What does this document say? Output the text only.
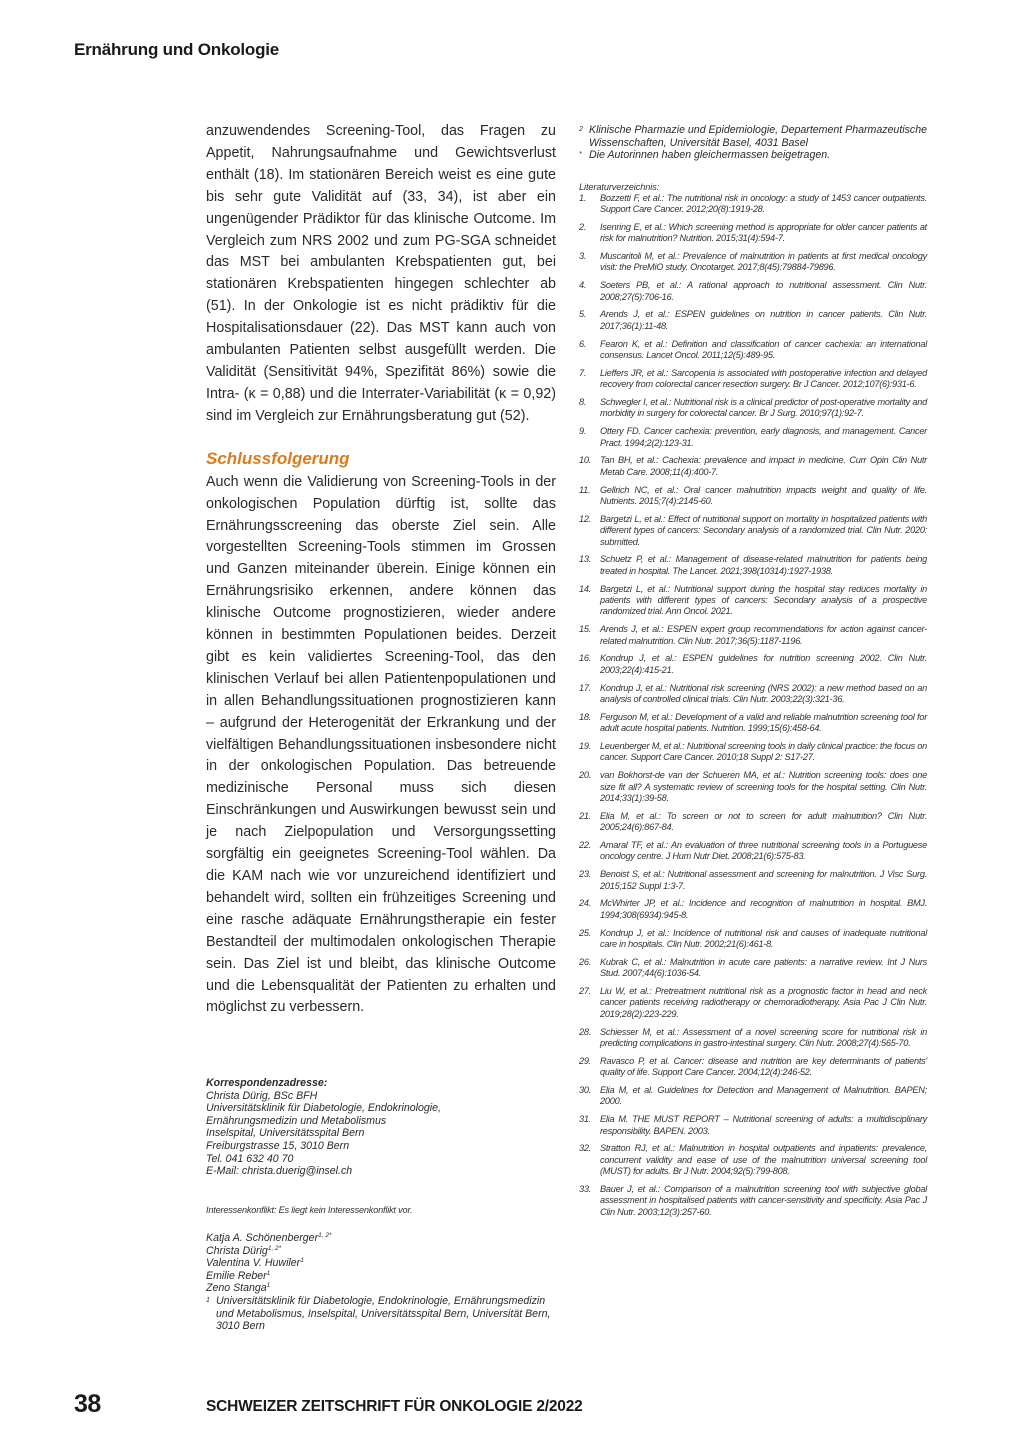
Ernährung und Onkologie

anzuwendendes Screening-Tool, das Fragen zu Appetit, Nahrungsaufnahme und Gewichtsverlust enthält (18). Im stationären Bereich weist es eine gute bis sehr gute Validität auf (33, 34), ist aber ein ungenügender Prädiktor für das klinische Outcome. Im Vergleich zum NRS 2002 und zum PG-SGA schneidet das MST bei ambulanten Krebspatienten gut, bei stationären Krebspatienten hingegen schlechter ab (51). In der Onkologie ist es nicht prädiktiv für die Hospitalisationsdauer (22). Das MST kann auch von ambulanten Patienten selbst ausgefüllt werden. Die Validität (Sensitivität 94%, Spezifität 86%) sowie die Intra- (κ = 0,88) und die Interrater-Variabilität (κ = 0,92) sind im Vergleich zur Ernährungsberatung gut (52).

Schlussfolgerung

Auch wenn die Validierung von Screening-Tools in der onkologischen Population dürftig ist, sollte das Ernährungsscreening das oberste Ziel sein. Alle vorgestellten Screening-Tools stimmen im Grossen und Ganzen miteinander überein. Einige können ein Ernährungsrisiko erkennen, andere können das klinische Outcome prognostizieren, wieder andere können in bestimmten Populationen beides. Derzeit gibt es kein validiertes Screening-Tool, das den klinischen Verlauf bei allen Patientenpopulationen und in allen Behandlungssituationen prognostizieren kann – aufgrund der Heterogenität der Erkrankung und der vielfältigen Behandlungssituationen insbesondere nicht in der onkologischen Population. Das betreuende medizinische Personal muss sich diesen Einschränkungen und Auswirkungen bewusst sein und je nach Zielpopulation und Versorgungssetting sorgfältig ein geeignetes Screening-Tool wählen. Da die KAM nach wie vor unzureichend identifiziert und behandelt wird, sollten ein frühzeitiges Screening und eine rasche adäquate Ernährungstherapie ein fester Bestandteil der multimodalen onkologischen Therapie sein. Das Ziel ist und bleibt, das klinische Outcome und die Lebensqualität der Patienten zu erhalten und möglichst zu verbessern.

Korrespondenzadresse:
Christa Dürig, BSc BFH
Universitätsklinik für Diabetologie, Endokrinologie,
Ernährungsmedizin und Metabolismus
Inselspital, Universitätsspital Bern
Freiburgstrasse 15, 3010 Bern
Tel. 041 632 40 70
E-Mail: christa.duerig@insel.ch
Interessenkonflikt: Es liegt kein Interessenkonflikt vor.
Katja A. Schönenberger$^{1, 2*}$
Christa Dürig$^{1, 2*}$
Valentina V. Huwiler$^1$
Emilie Reber$^1$
Zeno Stanga$^1$
1 Universitätsklinik für Diabetologie, Endokrinologie, Ernährungsmedizin und Metabolismus, Inselspital, Universitätsspital Bern, Universität Bern, 3010 Bern
2 Klinische Pharmazie und Epidemiologie, Departement Pharmazeutische Wissenschaften, Universität Basel, 4031 Basel
* Die Autorinnen haben gleichermassen beigetragen.
Literaturverzeichnis:
1.	Bozzetti F, et al.: The nutritional risk in oncology: a study of 1453 cancer outpatients. Support Care Cancer. 2012;20(8):1919-28.
2.	Isenring E, et al.: Which screening method is appropriate for older cancer patients at risk for malnutrition? Nutrition. 2015;31(4):594-7.
3.	Muscaritoli M, et al.: Prevalence of malnutrition in patients at first medical oncology visit: the PreMiO study. Oncotarget. 2017;8(45):79884-79896.
4.	Soeters PB, et al.: A rational approach to nutritional assessment. Clin Nutr. 2008;27(5):706-16.
5.	Arends J, et al.: ESPEN guidelines on nutrition in cancer patients. Clin Nutr. 2017;36(1):11-48.
6.	Fearon K, et al.: Definition and classification of cancer cachexia: an international consensus. Lancet Oncol. 2011;12(5):489-95.
7.	Lieffers JR, et al.: Sarcopenia is associated with postoperative infection and delayed recovery from colorectal cancer resection surgery. Br J Cancer. 2012;107(6):931-6.
8.	Schwegler I, et al.: Nutritional risk is a clinical predictor of post-operative mortality and morbidity in surgery for colorectal cancer. Br J Surg. 2010;97(1):92-7.
9.	Ottery FD. Cancer cachexia: prevention, early diagnosis, and management. Cancer Pract. 1994;2(2):123-31.
10. Tan BH, et al.: Cachexia: prevalence and impact in medicine. Curr Opin Clin Nutr Metab Care. 2008;11(4):400-7.
11.	Gellrich NC, et al.: Oral cancer malnutrition impacts weight and quality of life. Nutrients. 2015;7(4):2145-60.
12. Bargetzi L, et al.: Effect of nutritional support on mortality in hospitalized patients with different types of cancers: Secondary analysis of a randomized trial. Clin Nutr. 2020: submitted.
13. Schuetz P, et al.: Management of disease-related malnutrition for patients being treated in hospital. The Lancet. 2021;398(10314):1927-1938.
14. Bargetzi L, et al.: Nutritional support during the hospital stay reduces mortality in patients with different types of cancers: Secondary analysis of a prospective randomized trial. Ann Oncol. 2021.
15. Arends J, et al.: ESPEN expert group recommendations for action against cancer-related malnutrition. Clin Nutr. 2017;36(5):1187-1196.
16. Kondrup J, et al.: ESPEN guidelines for nutrition screening 2002. Clin Nutr. 2003;22(4):415-21.
17. Kondrup J, et al.: Nutritional risk screening (NRS 2002): a new method based on an analysis of controlled clinical trials. Clin Nutr. 2003;22(3):321-36.
18. Ferguson M, et al.: Development of a valid and reliable malnutrition screening tool for adult acute hospital patients. Nutrition. 1999;15(6):458-64.
19. Leuenberger M, et al.: Nutritional screening tools in daily clinical practice: the focus on cancer. Support Care Cancer. 2010;18 Suppl 2: S17-27.
20. van Bokhorst-de van der Schueren MA, et al.: Nutrition screening tools: does one size fit all? A systematic review of screening tools for the hospital setting. Clin Nutr. 2014;33(1):39-58.
21. Elia M, et al.: To screen or not to screen for adult malnutrition? Clin Nutr. 2005;24(6):867-84.
22. Amaral TF, et al.: An evaluation of three nutritional screening tools in a Portuguese oncology centre. J Hum Nutr Diet. 2008;21(6):575-83.
23. Benoist S, et al.: Nutritional assessment and screening for malnutrition. J Visc Surg. 2015;152 Suppl 1:3-7.
24. McWhirter JP, et al.: Incidence and recognition of malnutrition in hospital. BMJ. 1994;308(6934):945-8.
25. Kondrup J, et al.: Incidence of nutritional risk and causes of inadequate nutritional care in hospitals. Clin Nutr. 2002;21(6):461-8.
26. Kubrak C, et al.: Malnutrition in acute care patients: a narrative review. Int J Nurs Stud. 2007;44(6):1036-54.
27. Liu W, et al.: Pretreatment nutritional risk as a prognostic factor in head and neck cancer patients receiving radiotherapy or chemoradiotherapy. Asia Pac J Clin Nutr. 2019;28(2):223-229.
28. Schiesser M, et al.: Assessment of a novel screening score for nutritional risk in predicting complications in gastro-intestinal surgery. Clin Nutr. 2008;27(4):565-70.
29. Ravasco P, et al. Cancer: disease and nutrition are key determinants of patients' quality of life. Support Care Cancer. 2004;12(4):246-52.
30. Elia M, et al. Guidelines for Detection and Management of Malnutrition. BAPEN; 2000.
31. Elia M. THE MUST REPORT – Nutritional screening of adults: a multidisciplinary responsibility. BAPEN. 2003.
32. Stratton RJ, et al.: Malnutrition in hospital outpatients and inpatients: prevalence, concurrent validity and ease of use of the malnutrition universal screening tool (MUST) for adults. Br J Nutr. 2004;92(5):799-808.
33. Bauer J, et al.: Comparison of a malnutrition screening tool with subjective global assessment in hospitalised patients with cancer-sensitivity and specificity. Asia Pac J Clin Nutr. 2003;12(3):257-60.
38	SCHWEIZER ZEITSCHRIFT FÜR ONKOLOGIE 2/2022
